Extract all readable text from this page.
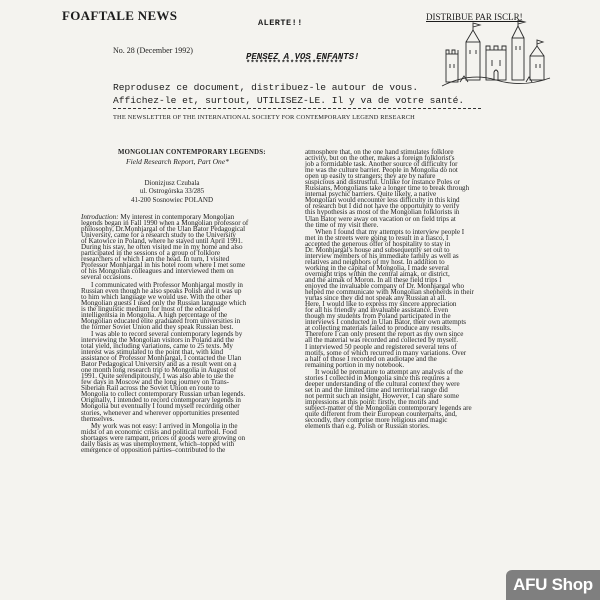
FOAFTALE NEWS
No. 28 (December 1992)
ALERTE!!
DISTRIBUE PAR ISCLR!
PENSEZ A VOS ENFANTS!
**********************
Reprodusez ce document, distribuez-le autour de vous.
Affichez-le et, surtout, UTILISEZ-LE. Il y va de votre santé.
THE NEWSLETTER OF THE INTERNATIONAL SOCIETY FOR CONTEMPORARY LEGEND RESEARCH
MONGOLIAN CONTEMPORARY LEGENDS:
Field Research Report, Part One*
Dionizjusz Czubala
ul. Ostrogórska 33/285
41-200 Sosnowiec POLAND
Introduction: My interest in contemporary Mongolian
legends began in Fall 1990 when a Mongolian professor of
philosophy, Dr.Monhjargal of the Ulan Bator Pedagogical
University, came for a research study to the University
of Katowice in Poland, where he stayed until April 1991.
During his stay, he often visited me in my home and also
participated in the sessions of a group of folklore
researchers of which I am the head. In turn, I visited
Professor Monhjargal in his hotel room where I met some
of his Mongolian colleagues and interviewed them on
several occasions.
I communicated with Professor Monhjargal mostly in
Russian even though he also speaks Polish and it was up
to him which language we would use. With the other
Mongolian guests I used only the Russian language which
is the linguistic medium for most of the educated
intelligentsia in Mongolia. A high percentage of the
Mongolian educated elite graduated from universities in
the former Soviet Union and they speak Russian best.
I was able to record several contemporary legends by
interviewing the Mongolian visitors in Poland and the
total yield, including variations, came to 25 texts. My
interest was stimulated to the point that, with kind
assistance of Professor Monhjargal, I contacted the Ulan
Bator Pedagogical University and as a result went on a
one month long research trip to Mongolia in August of
1991. Quite serendipitously, I was also able to use the
few days in Moscow and the long journey on Trans-
Siberian Rail across the Soviet Union en route to
Mongolia to collect contemporary Russian urban legends.
Originally, I intended to record contemporary legends in
Mongolia but eventually I found myself recording other
stories, whenever and wherever opportunities presented
themselves.
My work was not easy: I arrived in Mongolia in the
midst of an economic crisis and political turmoil. Food
shortages were rampant, prices of goods were growing on
daily basis as was unemployment, which–topped with
emergence of opposition parties–contributed to the
atmosphere that, on the one hand stimulates folklore
activity, but on the other, makes a foreign folklorist's
job a formidable task. Another source of difficulty for
me was the culture barrier. People in Mongolia do not
open up easily to strangers; they are by nature
suspicious and distrustful. Unlike for instance Poles or
Russians, Mongolians take a longer time to break through
internal psychic barriers. Quite likely, a native
Mongolian would encounter less difficulty in this kind
of research but I did not have the opportunity to verify
this hypothesis as most of the Mongolian folklorists in
Ulan Bator were away on vacation or on field trips at
the time of my visit there.
When I found that my attempts to interview people I
met in the streets were going to result in a fiasco, I
accepted the generous offer of hospitality to stay in
Dr. Monhjargal's house and subsequently set out to
interview members of his immediate family as well as
relatives and neighbors of my host. In addition to
working in the capital of Mongolia, I made several
overnight trips within the central aimak, or district,
and the aimak of Moron. In all these field trips I
enjoyed the invaluable company of Dr. Monhjargal who
helped me communicate with Mongolian shepherds in their
yurtas since they did not speak any Russian at all.
Here, I would like to express my sincere appreciation
for all his friendly and invaluable assistance. Even
though my students from Poland participated in the
interviews I conducted in Ulan Bator, their own attempts
at collecting materials failed to produce any results.
Therefore I can only present the report as my own since
all the material was recorded and collected by myself.
I interviewed 50 people and registered several tens of
motifs, some of which recurred in many variations. Over
a half of those I recorded on audiotape and the
remaining portion in my notebook.
It would be premature to attempt any analysis of the
stories I collected in Mongolia since this requires a
deeper understanding of the cultural context they were
set in and the limited time and territorial range did
not permit such an insight. However, I can share some
impressions at this point: firstly, the motifs and
subject-matter of the Mongolian contemporary legends are
quite different from their European counterparts, and,
secondly, they comprise more religious and magic
elements than e.g. Polish or Russian stories.
AFU Shop
